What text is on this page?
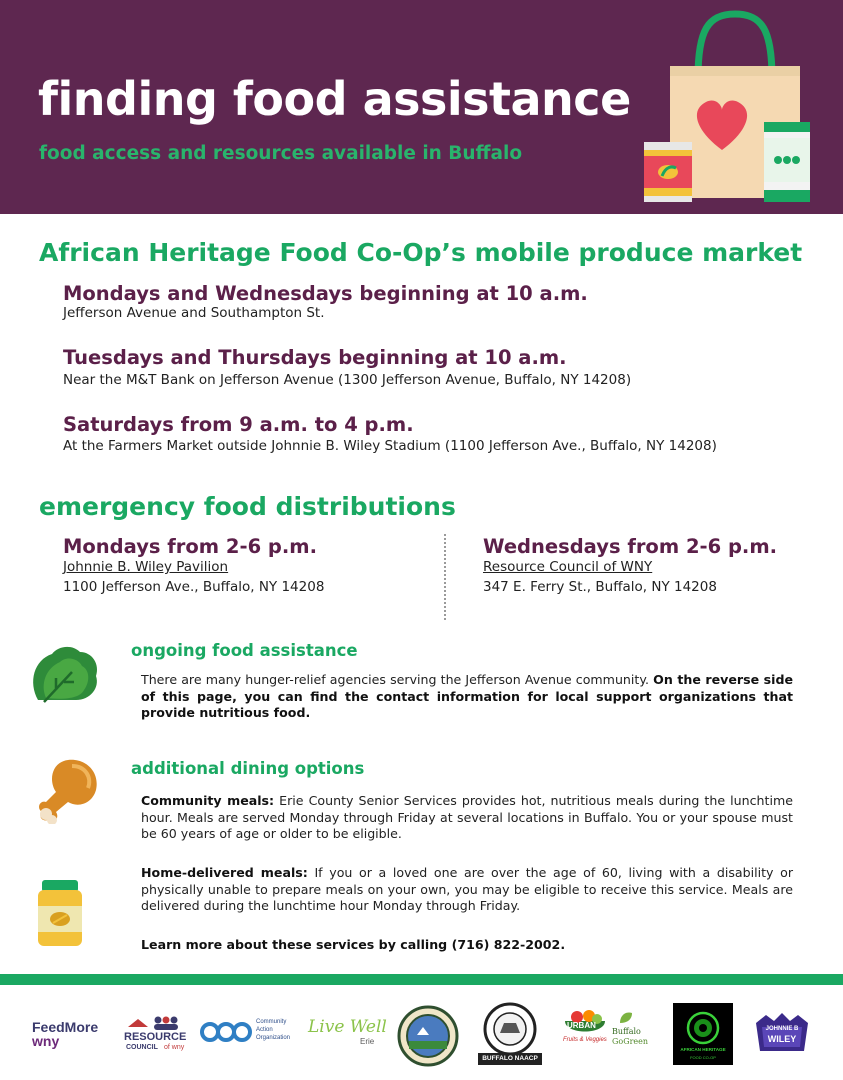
finding food assistance

food access and resources available in Buffalo

African Heritage Food Co-Op’s mobile produce market

Mondays and Wednesdays beginning at 10 a.m.

Jefferson Avenue and Southampton St.

Tuesdays and Thursdays beginning at 10 a.m.

Near the M&T Bank on Jefferson Avenue (1300 Jefferson Avenue, Buffalo, NY 14208)

Saturdays from 9 a.m. to 4 p.m.

At the Farmers Market outside Johnnie B. Wiley Stadium (1100 Jefferson Ave., Buffalo, NY 14208)

emergency food distributions

Mondays from 2-6 p.m.

Johnnie B. Wiley Pavilion

1100 Jefferson Ave., Buffalo, NY 14208

Wednesdays from 2-6 p.m.

Resource Council of WNY

347 E. Ferry St., Buffalo, NY 14208

ongoing food assistance

There are many hunger-relief agencies serving the Jefferson Avenue community. On the reverse side of this page, you can find the contact information for local support organizations that provide nutritious food.

additional dining options

Community meals: Erie County Senior Services provides hot, nutritious meals during the lunchtime hour. Meals are served Monday through Friday at several locations in Buffalo. You or your spouse must be 60 years of age or older to be eligible.

Home-delivered meals: If you or a loved one are over the age of 60, living with a disability or physically unable to prepare meals on your own, you may be eligible to receive this service. Meals are delivered during the lunchtime hour Monday through Friday.

Learn more about these services by calling (716) 822-2002.

FeedMore
wny	RESOURCE
COUNCIL of wny
Community
Action
Organization
Live Well
Erie
BUFFALO NAACP
URBAN
Fruits & Veggies
Buffalo
GoGreen
AFRICAN HERITAGE
FOOD CO-OP
JOHNNIE B
WILEY
